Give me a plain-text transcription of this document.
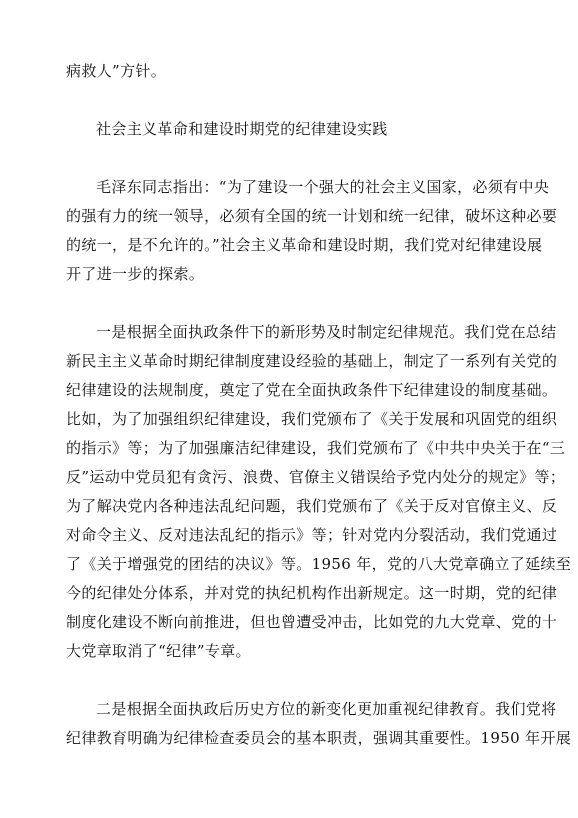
病救人”方针。
社会主义革命和建设时期党的纪律建设实践
毛泽东同志指出：“为了建设一个强大的社会主义国家，必须有中央
的强有力的统一领导，必须有全国的统一计划和统一纪律，破坏这种必要
的统一，是不允许的。”社会主义革命和建设时期，我们党对纪律建设展
开了进一步的探索。
一是根据全面执政条件下的新形势及时制定纪律规范。我们党在总结
新民主主义革命时期纪律制度建设经验的基础上，制定了一系列有关党的
纪律建设的法规制度，奠定了党在全面执政条件下纪律建设的制度基础。
比如，为了加强组织纪律建设，我们党颁布了《关于发展和巩固党的组织
的指示》等；为了加强廉洁纪律建设，我们党颁布了《中共中央关于在“三
反”运动中党员犯有贪污、浪费、官僚主义错误给予党内处分的规定》等；
为了解决党内各种违法乱纪问题，我们党颁布了《关于反对官僚主义、反
对命令主义、反对违法乱纪的指示》等；针对党内分裂活动，我们党通过
了《关于增强党的团结的决议》等。1956 年，党的八大党章确立了延续至
今的纪律处分体系，并对党的执纪机构作出新规定。这一时期，党的纪律
制度化建设不断向前推进，但也曾遭受冲击，比如党的九大党章、党的十
大党章取消了“纪律”专章。
二是根据全面执政后历史方位的新变化更加重视纪律教育。我们党将
纪律教育明确为纪律检查委员会的基本职责，强调其重要性。1950 年开展
